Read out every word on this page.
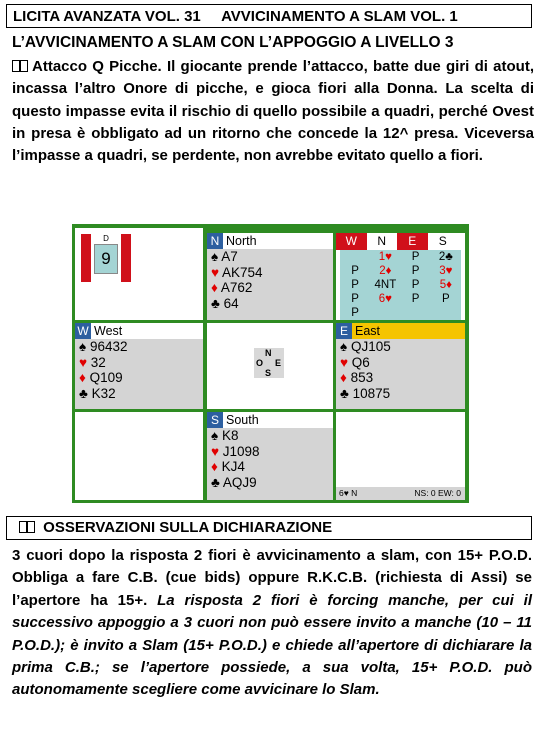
LICITA AVANZATA VOL. 31 AVVICINAMENTO A SLAM VOL. 1
L’AVVICINAMENTO A SLAM CON L’APPOGGIO A LIVELLO 3
Attacco Q Picche. Il giocante prende l’attacco, batte due giri di atout, incassa l’altro Onore di picche, e gioca fiori alla Donna. La scelta di questo impasse evita il rischio di quello possibile a quadri, perché Ovest in presa è obbligato ad un ritorno che concede la 12^ presa. Viceversa l’impasse a quadri, se perdente, non avrebbe evitato quello a fiori.
D
9
N North
♠ A7
♥ AK754
♦ A762
♣ 64
W	N	E	S
	1♥	P	2♣
P	2♦	P	3♥
P	4NT	P	5♦
P	6♥	P	P
P			
W West
♠ 96432
♥ 32
♦ Q109
♣ K32
N
O E
S
E East
♠ QJ105
♥ Q6
♦ 853
♣ 10875
S South
♠ K8
♥ J1098
♦ KJ4
♣ AQJ9
6♥ N	NS: 0 EW: 0
OSSERVAZIONI SULLA DICHIARAZIONE
3 cuori dopo la risposta 2 fiori è avvicinamento a slam, con 15+ P.O.D. Obbliga a fare C.B. (cue bids) oppure R.K.C.B. (richiesta di Assi) se l’apertore ha 15+. La risposta 2 fiori è forcing manche, per cui il successivo appoggio a 3 cuori non può essere invito a manche (10 – 11 P.O.D.); è invito a Slam (15+ P.O.D.) e chiede all’apertore di dichiarare la prima C.B.; se l’apertore possiede, a sua volta, 15+ P.O.D. può autonomamente scegliere come avvicinare lo Slam.
